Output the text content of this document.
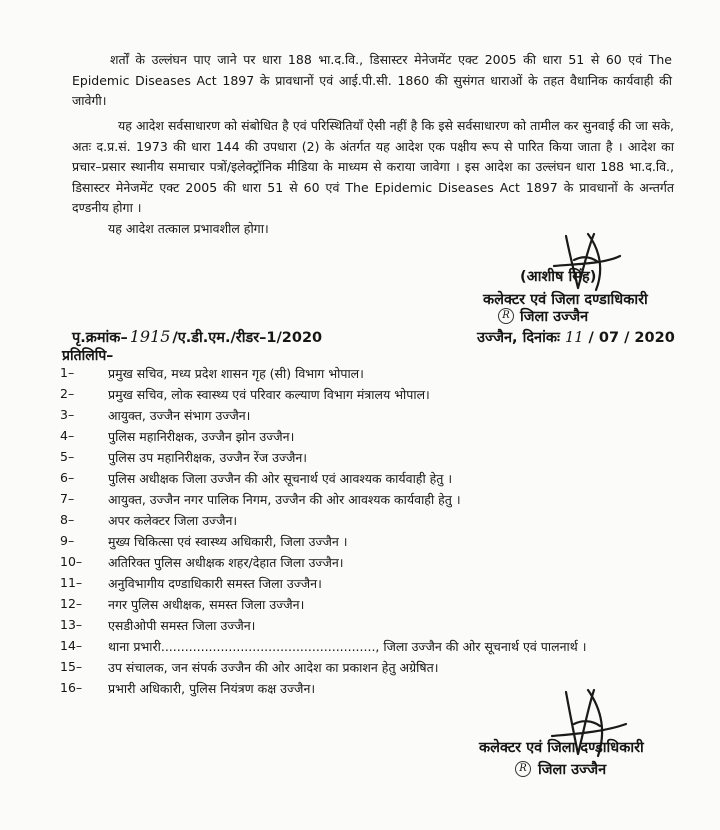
शर्तों के उल्लंघन पाए जाने पर धारा 188 भा.द.वि., डिसास्टर मेनेजमेंट एक्ट 2005 की धारा 51 से 60 एवं The Epidemic Diseases Act 1897 के प्रावधानों एवं आई.पी.सी. 1860 की सुसंगत धाराओं के तहत वैधानिक कार्यवाही की जावेगी।

यह आदेश सर्वसाधारण को संबोधित है एवं परिस्थितियाँ ऐसी नहीं है कि इसे सर्वसाधारण को तामील कर सुनवाई की जा सके, अतः द.प्र.सं. 1973 की धारा 144 की उपधारा (2) के अंतर्गत यह आदेश एक पक्षीय रूप से पारित किया जाता है । आदेश का प्रचार–प्रसार स्थानीय समाचार पत्रों/इलेक्ट्रॉनिक मीडिया के माध्यम से कराया जावेगा । इस आदेश का उल्लंघन धारा 188 भा.द.वि., डिसास्टर मेनेजमेंट एक्ट 2005 की धारा 51 से 60 एवं The Epidemic Diseases Act 1897 के प्रावधानों के अन्तर्गत दण्डनीय होगा ।

यह आदेश तत्काल प्रभावशील होगा।

(आशीष सिंह)
कलेक्टर एवं जिला दण्डाधिकारी
R जिला उज्जैन
पृ.क्रमांक– 1915 /ए.डी.एम./रीडर–1/2020	उज्जैन, दिनांकः 11 / 07 / 2020
प्रतिलिपि–
1–	प्रमुख सचिव, मध्य प्रदेश शासन गृह (सी) विभाग भोपाल।
2–	प्रमुख सचिव, लोक स्वास्थ्य एवं परिवार कल्याण विभाग मंत्रालय भोपाल।
3–	आयुक्त, उज्जैन संभाग उज्जैन।
4–	पुलिस महानिरीक्षक, उज्जैन झोन उज्जैन।
5–	पुलिस उप महानिरीक्षक, उज्जैन रेंज उज्जैन।
6–	पुलिस अधीक्षक जिला उज्जैन की ओर सूचनार्थ एवं आवश्यक कार्यवाही हेतु ।
7–	आयुक्त, उज्जैन नगर पालिक निगम, उज्जैन की ओर आवश्यक कार्यवाही हेतु ।
8–	अपर कलेक्टर जिला उज्जैन।
9–	मुख्य चिकित्सा एवं स्वास्थ्य अधिकारी, जिला उज्जैन ।
10–	अतिरिक्त पुलिस अधीक्षक शहर/देहात जिला उज्जैन।
11–	अनुविभागीय दण्डाधिकारी समस्त जिला उज्जैन।
12–	नगर पुलिस अधीक्षक, समस्त जिला उज्जैन।
13–	एसडीओपी समस्त जिला उज्जैन।
14–	थाना प्रभारी......................................................, जिला उज्जैन की ओर सूचनार्थ एवं पालनार्थ ।
15–	उप संचालक, जन संपर्क उज्जैन की ओर आदेश का प्रकाशन हेतु अग्रेषित।
16–	प्रभारी अधिकारी, पुलिस नियंत्रण कक्ष उज्जैन।
कलेक्टर एवं जिला दण्डाधिकारी
R जिला उज्जैन
